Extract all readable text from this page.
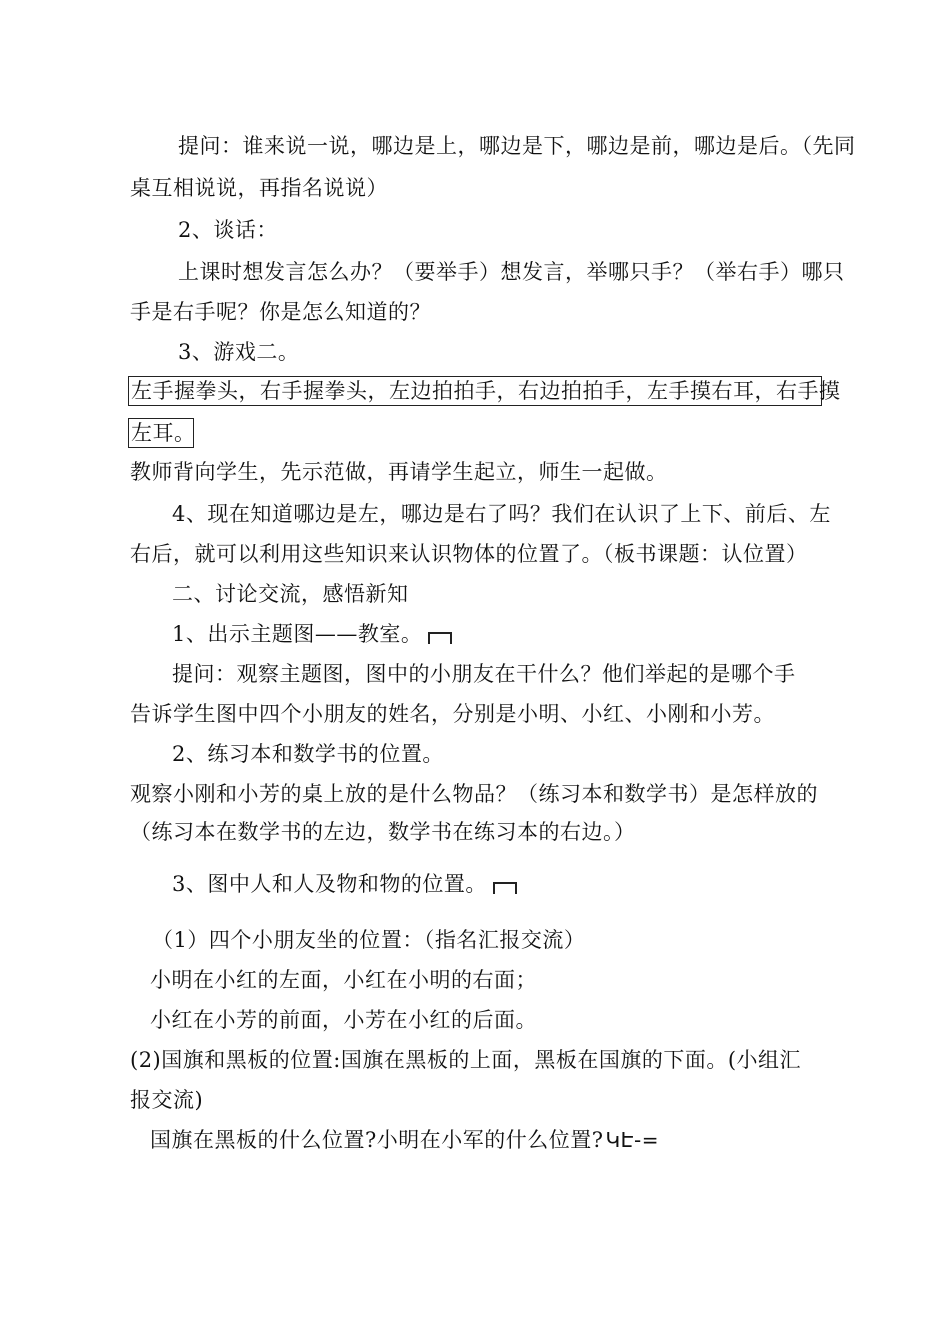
提问：谁来说一说，哪边是上，哪边是下，哪边是前，哪边是后。（先同
桌互相说说，再指名说说）
2、谈话：
上课时想发言怎么办？（要举手）想发言，举哪只手？（举右手）哪只
手是右手呢？你是怎么知道的？
3、游戏二。
左手握拳头，右手握拳头，左边拍拍手，右边拍拍手，左手摸右耳，右手摸
左耳。
教师背向学生，先示范做，再请学生起立，师生一起做。
4、现在知道哪边是左，哪边是右了吗？我们在认识了上下、前后、左
右后，就可以利用这些知识来认识物体的位置了。（板书课题：认位置）
二、讨论交流，感悟新知
1、出示主题图——教室。
提问：观察主题图，图中的小朋友在干什么？他们举起的是哪个手
告诉学生图中四个小朋友的姓名，分别是小明、小红、小刚和小芳。
2、练习本和数学书的位置。
观察小刚和小芳的桌上放的是什么物品？（练习本和数学书）是怎样放的
（练习本在数学书的左边，数学书在练习本的右边。）
3、图中人和人及物和物的位置。
（1）四个小朋友坐的位置：（指名汇报交流）
小明在小红的左面，小红在小明的右面；
小红在小芳的前面，小芳在小红的后面。
(2)国旗和黑板的位置:国旗在黑板的上面，黑板在国旗的下面。(小组汇
报交流)
国旗在黑板的什么位置?小明在小军的什么位置? ԿԷ-=
